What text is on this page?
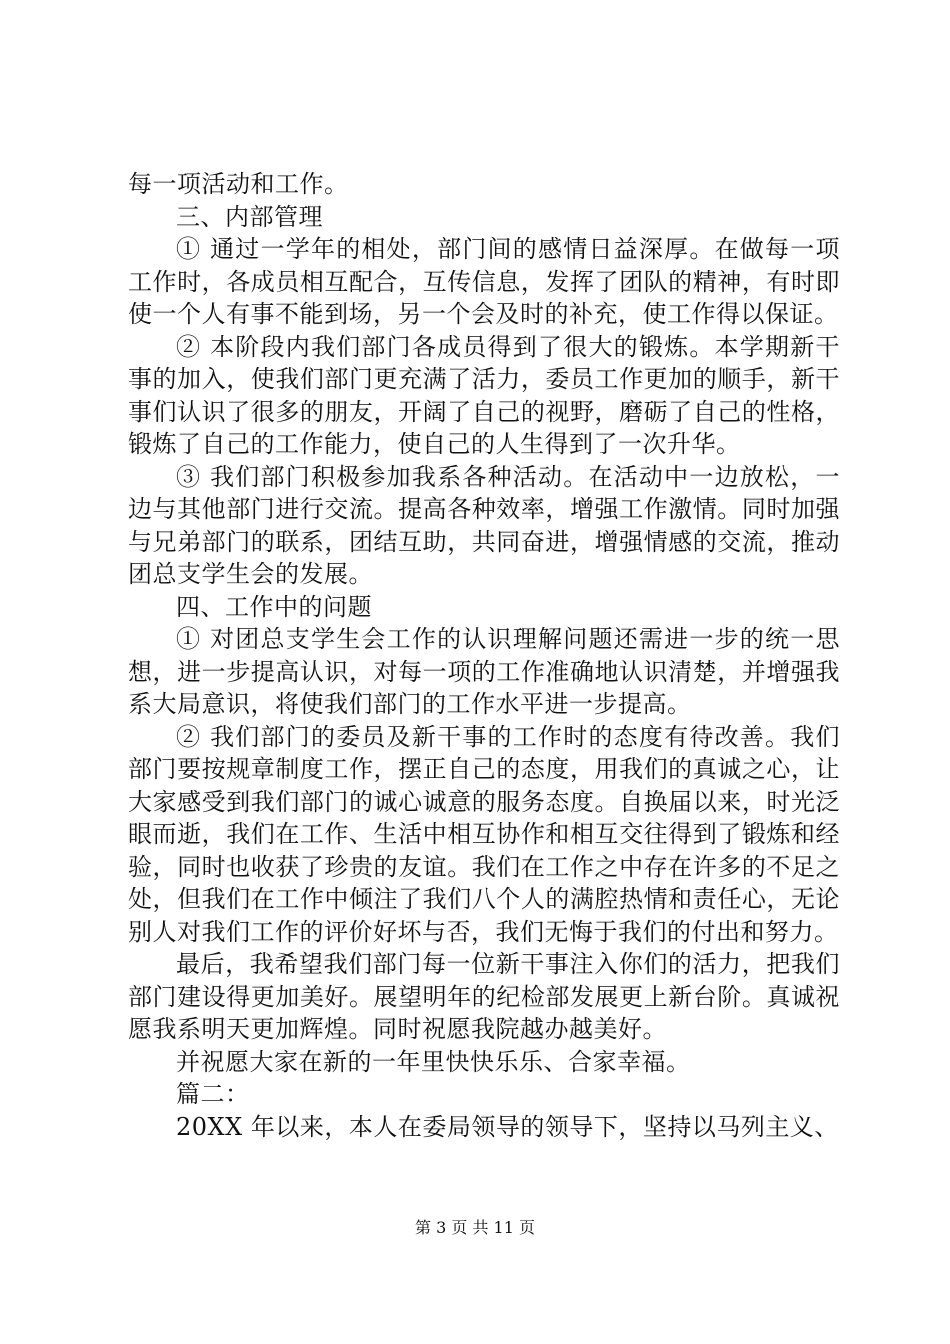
每一项活动和工作。

三、内部管理

① 通过一学年的相处，部门间的感情日益深厚。在做每一项工作时，各成员相互配合，互传信息，发挥了团队的精神，有时即使一个人有事不能到场，另一个会及时的补充，使工作得以保证。

② 本阶段内我们部门各成员得到了很大的锻炼。本学期新干事的加入，使我们部门更充满了活力，委员工作更加的顺手，新干事们认识了很多的朋友，开阔了自己的视野，磨砺了自己的性格，锻炼了自己的工作能力，使自己的人生得到了一次升华。

③ 我们部门积极参加我系各种活动。在活动中一边放松，一边与其他部门进行交流。提高各种效率，增强工作激情。同时加强与兄弟部门的联系，团结互助，共同奋进，增强情感的交流，推动团总支学生会的发展。

四、工作中的问题

① 对团总支学生会工作的认识理解问题还需进一步的统一思想，进一步提高认识，对每一项的工作准确地认识清楚，并增强我系大局意识，将使我们部门的工作水平进一步提高。

② 我们部门的委员及新干事的工作时的态度有待改善。我们部门要按规章制度工作，摆正自己的态度，用我们的真诚之心，让大家感受到我们部门的诚心诚意的服务态度。自换届以来，时光泛眼而逝，我们在工作、生活中相互协作和相互交往得到了锻炼和经验，同时也收获了珍贵的友谊。我们在工作之中存在许多的不足之处，但我们在工作中倾注了我们八个人的满腔热情和责任心，无论别人对我们工作的评价好坏与否，我们无悔于我们的付出和努力。

最后，我希望我们部门每一位新干事注入你们的活力，把我们部门建设得更加美好。展望明年的纪检部发展更上新台阶。真诚祝愿我系明天更加辉煌。同时祝愿我院越办越美好。

并祝愿大家在新的一年里快快乐乐、合家幸福。

篇二：

20XX 年以来，本人在委局领导的领导下，坚持以马列主义、

第 3 页 共 11 页
